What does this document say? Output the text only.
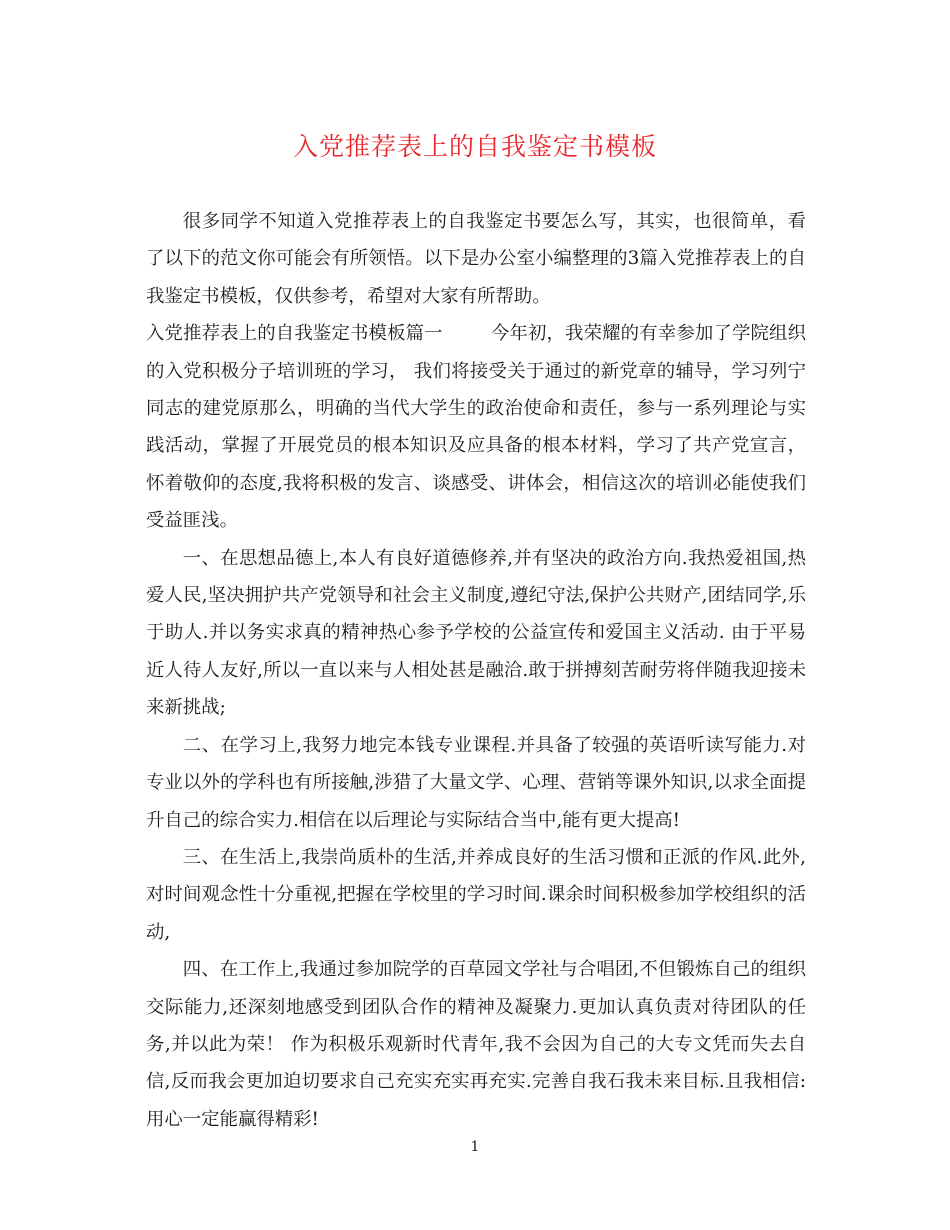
入党推荐表上的自我鉴定书模板

很多同学不知道入党推荐表上的自我鉴定书要怎么写，其实，也很简单，看了以下的范文你可能会有所领悟。以下是办公室小编整理的3篇入党推荐表上的自我鉴定书模板，仅供参考，希望对大家有所帮助。

入党推荐表上的自我鉴定书模板篇一	今年初，我荣耀的有幸参加了学院组织的入党积极分子培训班的学习， 我们将接受关于通过的新党章的辅导，学习列宁同志的建党原那么，明确的当代大学生的政治使命和责任，参与一系列理论与实践活动，掌握了开展党员的根本知识及应具备的根本材料，学习了共产党宣言，怀着敬仰的态度,我将积极的发言、谈感受、讲体会，相信这次的培训必能使我们受益匪浅。

一、在思想品德上,本人有良好道德修养,并有坚决的政治方向.我热爱祖国,热爱人民,坚决拥护共产党领导和社会主义制度,遵纪守法,保护公共财产,团结同学,乐于助人.并以务实求真的精神热心参予学校的公益宣传和爱国主义活动. 由于平易近人待人友好,所以一直以来与人相处甚是融洽.敢于拼搏刻苦耐劳将伴随我迎接未来新挑战;

二、在学习上,我努力地完本钱专业课程.并具备了较强的英语听读写能力.对专业以外的学科也有所接触,涉猎了大量文学、心理、营销等课外知识,以求全面提升自己的综合实力.相信在以后理论与实际结合当中,能有更大提高!

三、在生活上,我崇尚质朴的生活,并养成良好的生活习惯和正派的作风.此外,对时间观念性十分重视,把握在学校里的学习时间.课余时间积极参加学校组织的活动,

四、在工作上,我通过参加院学的百草园文学社与合唱团,不但锻炼自己的组织交际能力,还深刻地感受到团队合作的精神及凝聚力.更加认真负责对待团队的任务,并以此为荣！ 作为积极乐观新时代青年,我不会因为自己的大专文凭而失去自信,反而我会更加迫切要求自己充实充实再充实.完善自我石我未来目标.且我相信:用心一定能赢得精彩!

1
